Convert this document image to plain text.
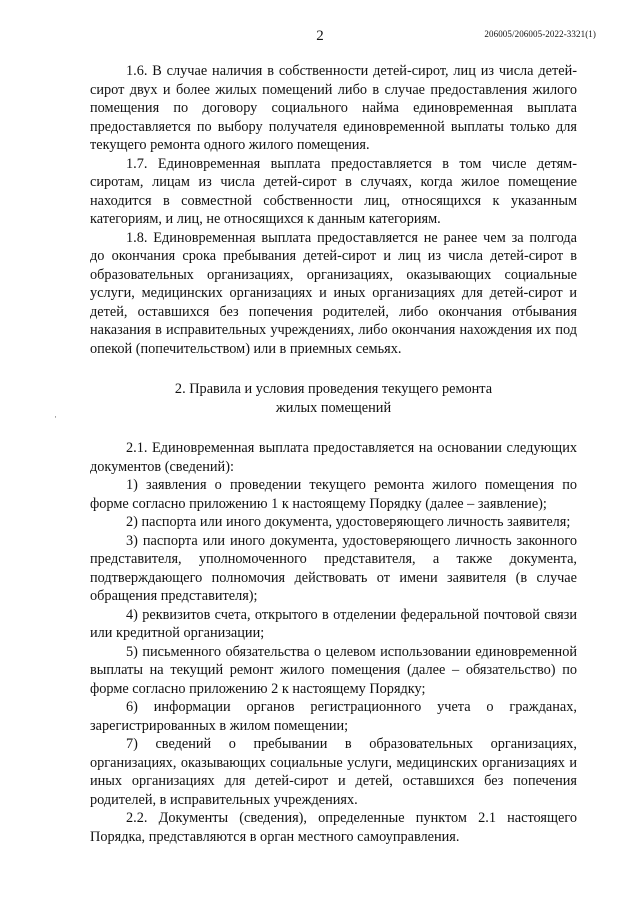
2	206005/206005-2022-3321(1)
·

1.6. В случае наличия в собственности детей-сирот, лиц из числа детей-сирот двух и более жилых помещений либо в случае предоставления жилого помещения по договору социального найма единовременная выплата предоставляется по выбору получателя единовременной выплаты только для текущего ремонта одного жилого помещения.

1.7. Единовременная выплата предоставляется в том числе детям-сиротам, лицам из числа детей-сирот в случаях, когда жилое помещение находится в совместной собственности лиц, относящихся к указанным категориям, и лиц, не относящихся к данным категориям.

1.8. Единовременная выплата предоставляется не ранее чем за полгода до окончания срока пребывания детей-сирот и лиц из числа детей-сирот в образовательных организациях, организациях, оказывающих социальные услуги, медицинских организациях и иных организациях для детей-сирот и детей, оставшихся без попечения родителей, либо окончания отбывания наказания в исправительных учреждениях, либо окончания нахождения их под опекой (попечительством) или в приемных семьях.

2. Правила и условия проведения текущего ремонта
жилых помещений

2.1. Единовременная выплата предоставляется на основании следующих документов (сведений):

1) заявления о проведении текущего ремонта жилого помещения по форме согласно приложению 1 к настоящему Порядку (далее – заявление);

2) паспорта или иного документа, удостоверяющего личность заявителя;

3) паспорта или иного документа, удостоверяющего личность законного представителя, уполномоченного представителя, а также документа, подтверждающего полномочия действовать от имени заявителя (в случае обращения представителя);

4) реквизитов счета, открытого в отделении федеральной почтовой связи или кредитной организации;

5) письменного обязательства о целевом использовании единовременной выплаты на текущий ремонт жилого помещения (далее – обязательство) по форме согласно приложению 2 к настоящему Порядку;

6) информации органов регистрационного учета о гражданах, зарегистрированных в жилом помещении;

7) сведений о пребывании в образовательных организациях, организациях, оказывающих социальные услуги, медицинских организациях и иных организациях для детей-сирот и детей, оставшихся без попечения родителей, в исправительных учреждениях.

2.2. Документы (сведения), определенные пунктом 2.1 настоящего Порядка, представляются в орган местного самоуправления.
